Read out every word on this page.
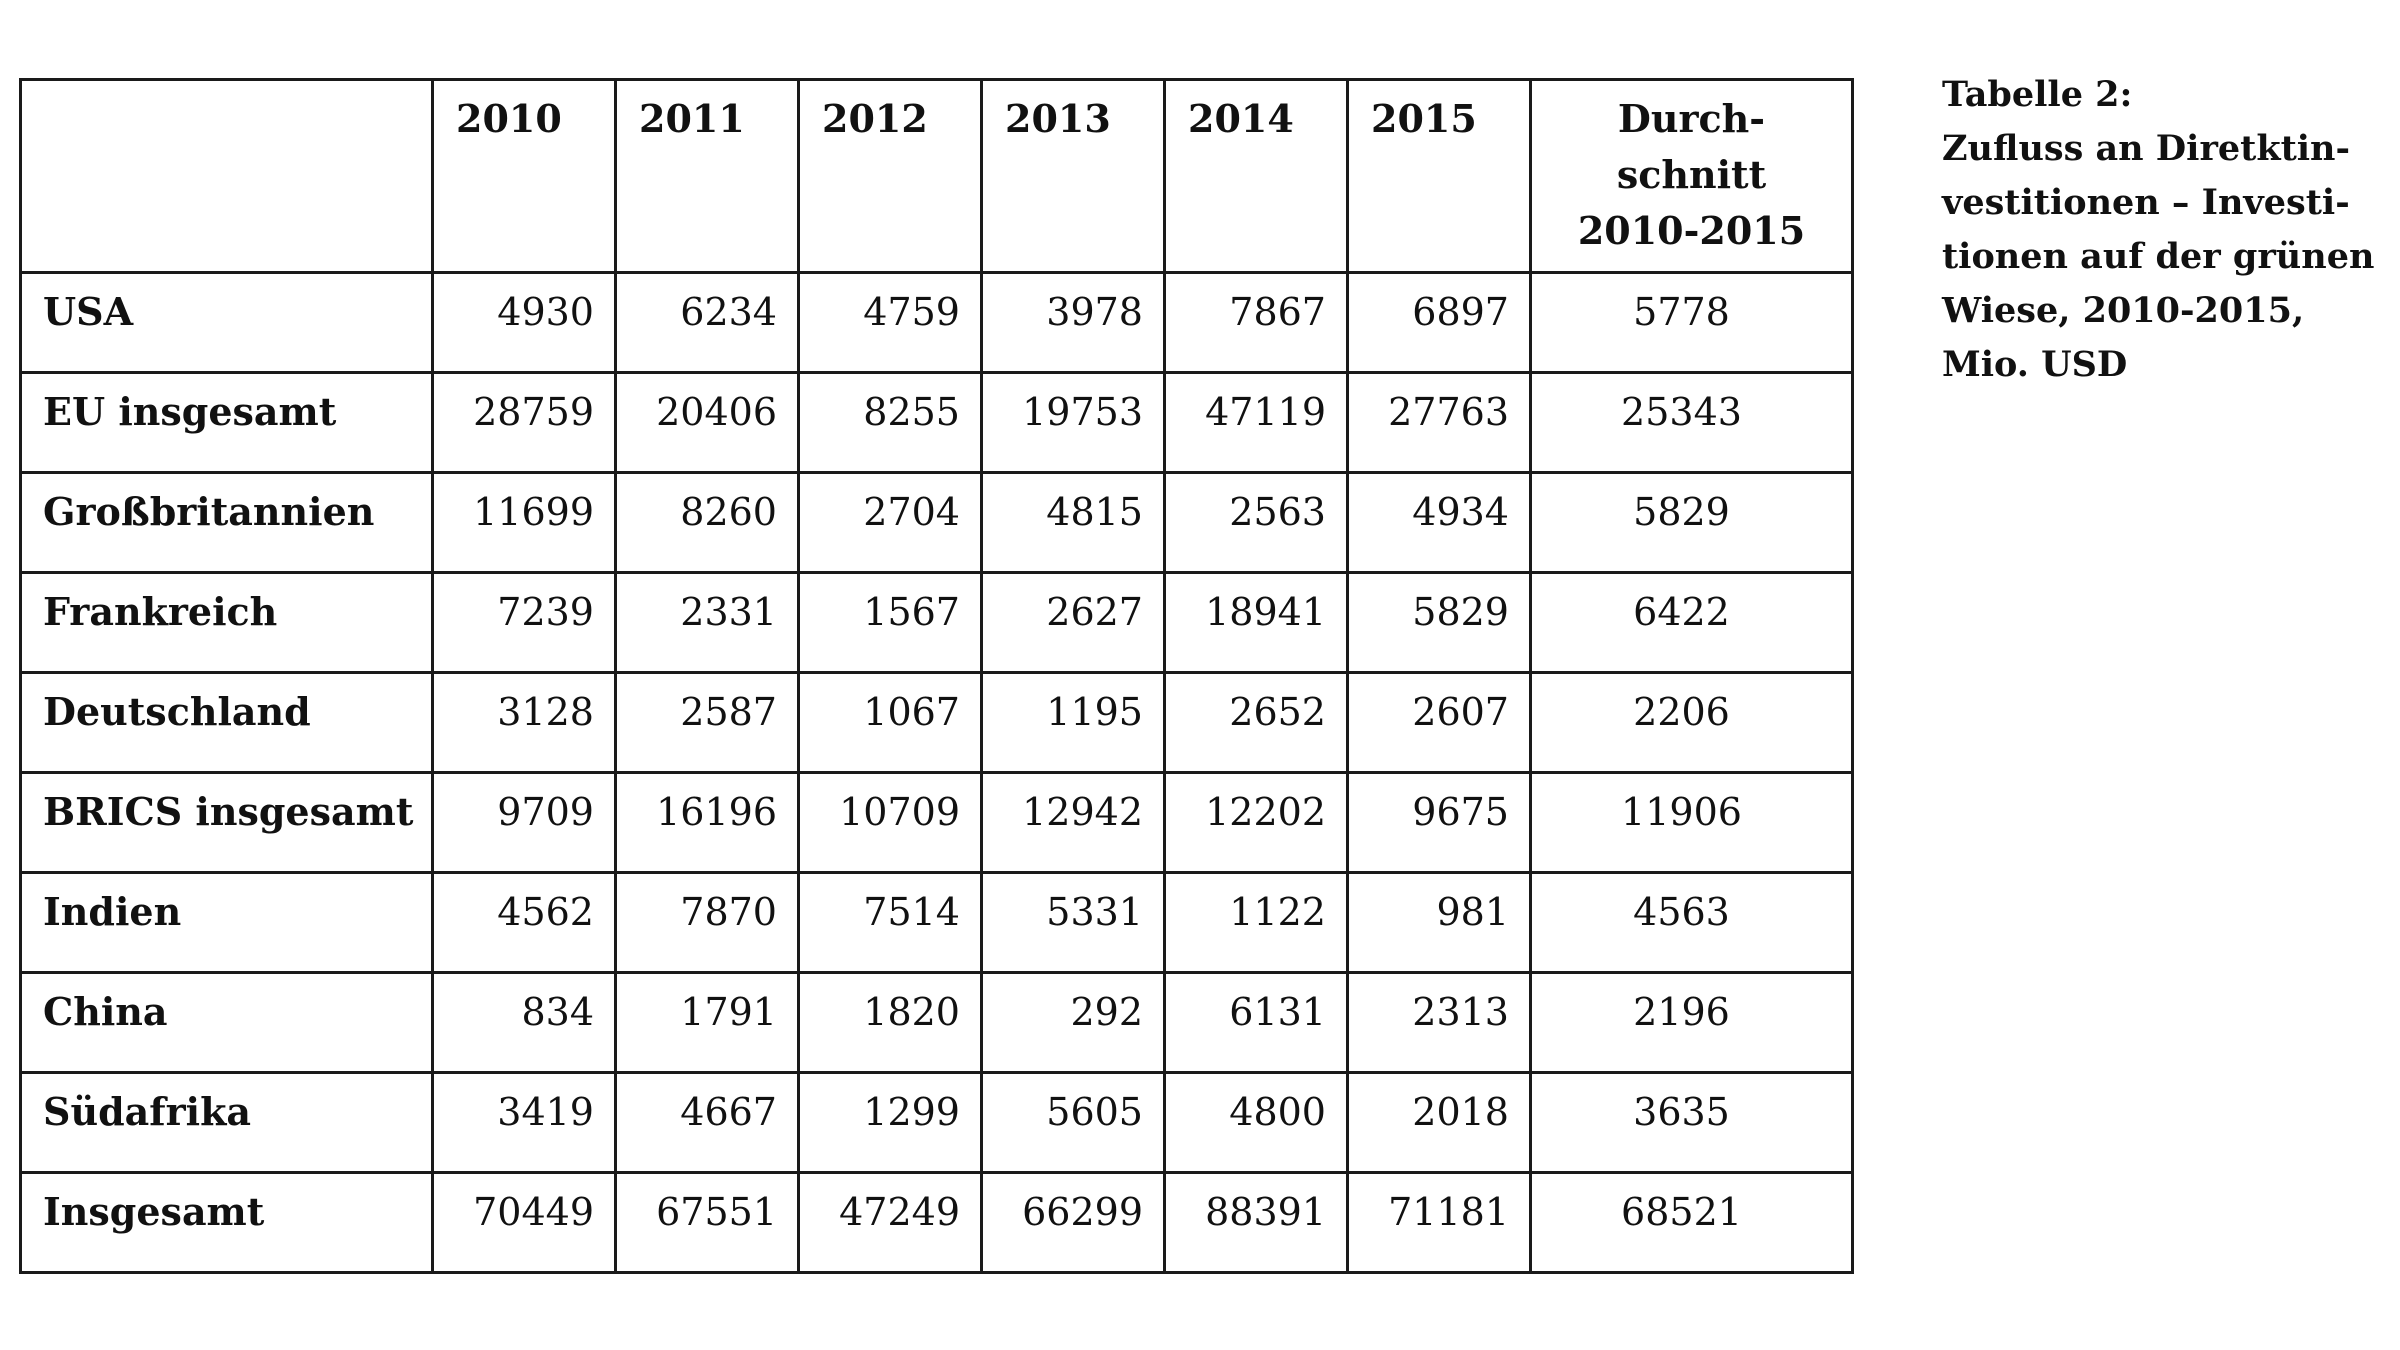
	2010	2011	2012	2013	2014	2015	Durch-
schnitt
2010-2015

USA	4930	6234	4759	3978	7867	6897	5778
EU insgesamt	28759	20406	8255	19753	47119	27763	25343
Großbritannien	11699	8260	2704	4815	2563	4934	5829
Frankreich	7239	2331	1567	2627	18941	5829	6422
Deutschland	3128	2587	1067	1195	2652	2607	2206
BRICS insgesamt	9709	16196	10709	12942	12202	9675	11906
Indien	4562	7870	7514	5331	1122	981	4563
China	834	1791	1820	292	6131	2313	2196
Südafrika	3419	4667	1299	5605	4800	2018	3635
Insgesamt	70449	67551	47249	66299	88391	71181	68521
Tabelle 2:
Zufluss an Diretktin-
vestitionen – Investi-
tionen auf der grünen
Wiese, 2010-2015,
Mio. USD
